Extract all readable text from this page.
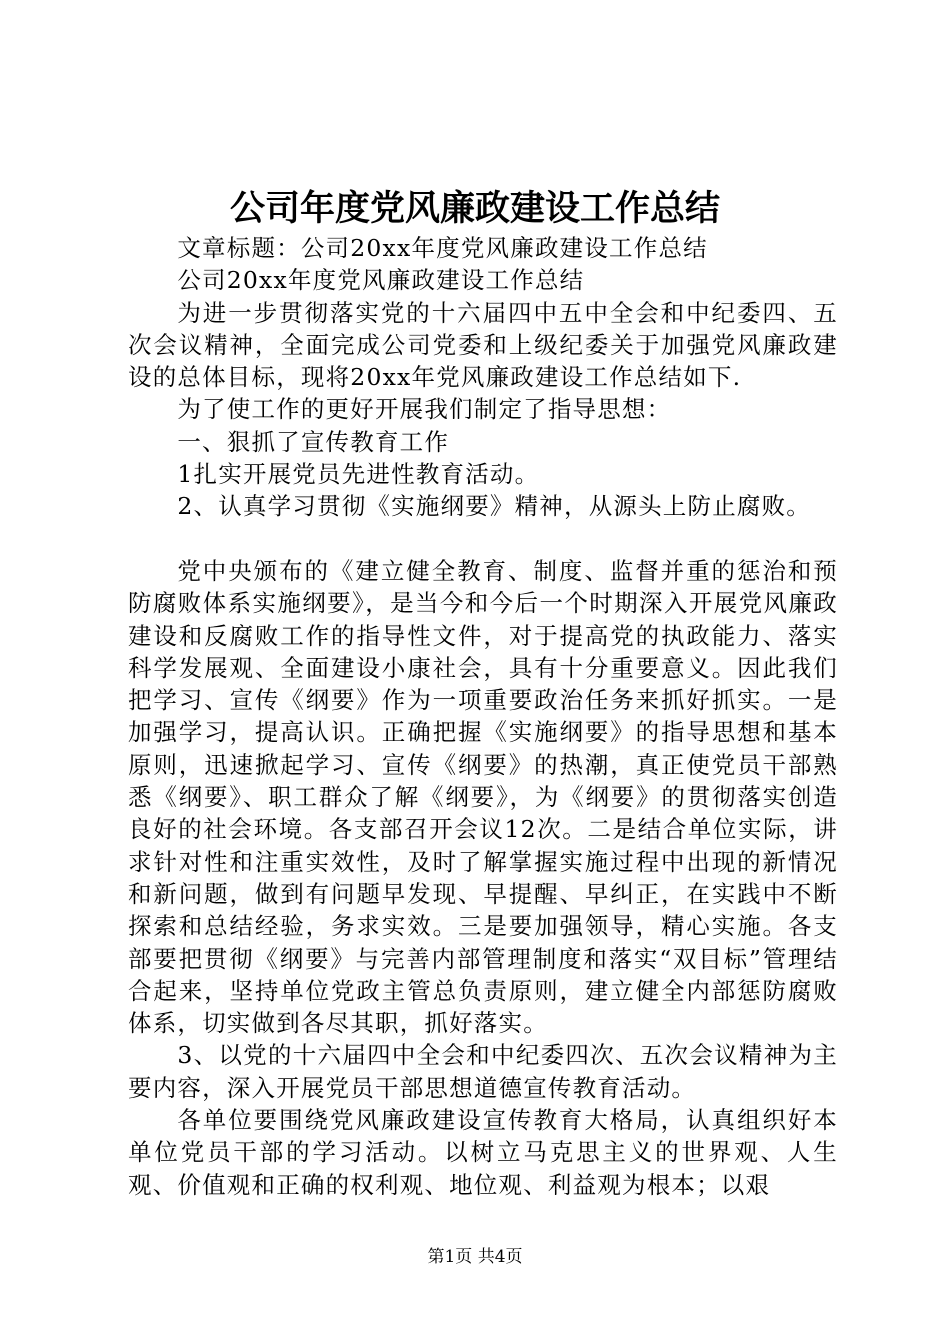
公司年度党风廉政建设工作总结

文章标题：公司20xx年度党风廉政建设工作总结

公司20xx年度党风廉政建设工作总结

为进一步贯彻落实党的十六届四中五中全会和中纪委四、五次会议精神，全面完成公司党委和上级纪委关于加强党风廉政建设的总体目标，现将20xx年党风廉政建设工作总结如下.

为了使工作的更好开展我们制定了指导思想：

一、狠抓了宣传教育工作

1扎实开展党员先进性教育活动。

2、认真学习贯彻《实施纲要》精神，从源头上防止腐败。

党中央颁布的《建立健全教育、制度、监督并重的惩治和预防腐败体系实施纲要》，是当今和今后一个时期深入开展党风廉政建设和反腐败工作的指导性文件，对于提高党的执政能力、落实科学发展观、全面建设小康社会，具有十分重要意义。因此我们把学习、宣传《纲要》作为一项重要政治任务来抓好抓实。一是加强学习，提高认识。正确把握《实施纲要》的指导思想和基本原则，迅速掀起学习、宣传《纲要》的热潮，真正使党员干部熟悉《纲要》、职工群众了解《纲要》，为《纲要》的贯彻落实创造良好的社会环境。各支部召开会议12次。二是结合单位实际，讲求针对性和注重实效性，及时了解掌握实施过程中出现的新情况和新问题，做到有问题早发现、早提醒、早纠正，在实践中不断探索和总结经验，务求实效。三是要加强领导，精心实施。各支部要把贯彻《纲要》与完善内部管理制度和落实“双目标”管理结合起来，坚持单位党政主管总负责原则，建立健全内部惩防腐败体系，切实做到各尽其职，抓好落实。

3、以党的十六届四中全会和中纪委四次、五次会议精神为主要内容，深入开展党员干部思想道德宣传教育活动。

各单位要围绕党风廉政建设宣传教育大格局，认真组织好本单位党员干部的学习活动。以树立马克思主义的世界观、人生观、价值观和正确的权利观、地位观、利益观为根本；以艰

第1页 共4页
